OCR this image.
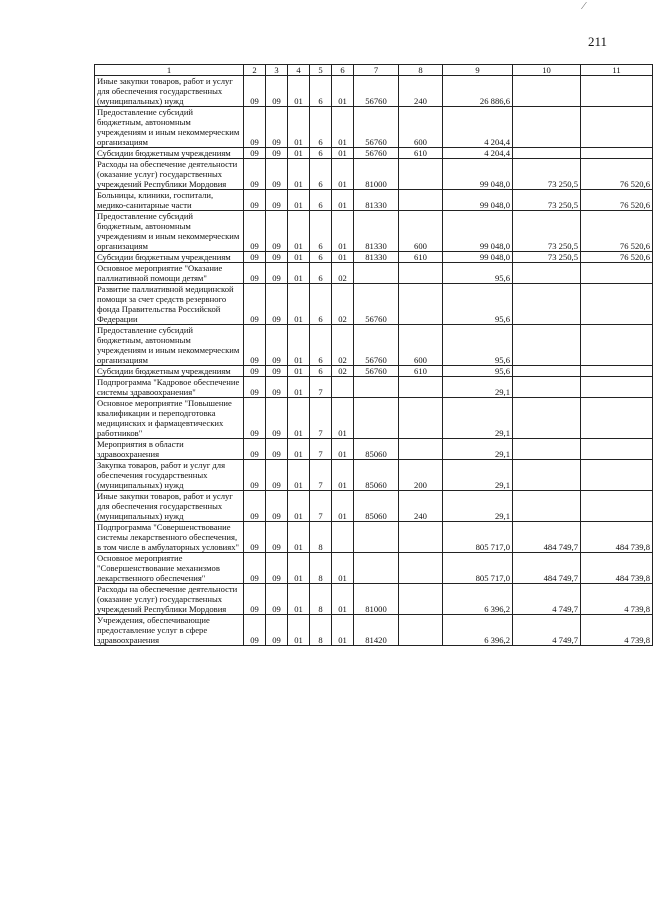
⁄
211
1	2	3	4	5	6	7	8	9	10	11
Иные закупки товаров, работ и услуг для обеспечения государственных (муниципальных) нужд	09	09	01	6	01	56760	240	26 886,6		
Предоставление субсидий бюджетным, автономным учреждениям и иным некоммерческим организациям	09	09	01	6	01	56760	600	4 204,4		
Субсидии бюджетным учреждениям	09	09	01	6	01	56760	610	4 204,4		
Расходы на обеспечение деятельности (оказание услуг) государственных учреждений Республики Мордовия	09	09	01	6	01	81000		99 048,0	73 250,5	76 520,6
Больницы, клиники, госпитали, медико-санитарные части	09	09	01	6	01	81330		99 048,0	73 250,5	76 520,6
Предоставление субсидий бюджетным, автономным учреждениям и иным некоммерческим организациям	09	09	01	6	01	81330	600	99 048,0	73 250,5	76 520,6
Субсидии бюджетным учреждениям	09	09	01	6	01	81330	610	99 048,0	73 250,5	76 520,6
Основное мероприятие "Оказание паллиативной помощи детям"	09	09	01	6	02			95,6		
Развитие паллиативной медицинской помощи за счет средств резервного фонда Правительства Российской Федерации	09	09	01	6	02	56760		95,6		
Предоставление субсидий бюджетным, автономным учреждениям и иным некоммерческим организациям	09	09	01	6	02	56760	600	95,6		
Субсидии бюджетным учреждениям	09	09	01	6	02	56760	610	95,6		
Подпрограмма "Кадровое обеспечение системы здравоохранения"	09	09	01	7				29,1		
Основное мероприятие "Повышение квалификации и переподготовка медицинских и фармацевтических работников"	09	09	01	7	01			29,1		
Мероприятия в области здравоохранения	09	09	01	7	01	85060		29,1		
Закупка товаров, работ и услуг для обеспечения государственных (муниципальных) нужд	09	09	01	7	01	85060	200	29,1		
Иные закупки товаров, работ и услуг для обеспечения государственных (муниципальных) нужд	09	09	01	7	01	85060	240	29,1		
Подпрограмма "Совершенствование системы лекарственного обеспечения, в том числе в амбулаторных условиях"	09	09	01	8				805 717,0	484 749,7	484 739,8
Основное мероприятие "Совершенствование механизмов лекарственного обеспечения"	09	09	01	8	01			805 717,0	484 749,7	484 739,8
Расходы на обеспечение деятельности (оказание услуг) государственных учреждений Республики Мордовия	09	09	01	8	01	81000		6 396,2	4 749,7	4 739,8
Учреждения, обеспечивающие предоставление услуг в сфере здравоохранения	09	09	01	8	01	81420		6 396,2	4 749,7	4 739,8
